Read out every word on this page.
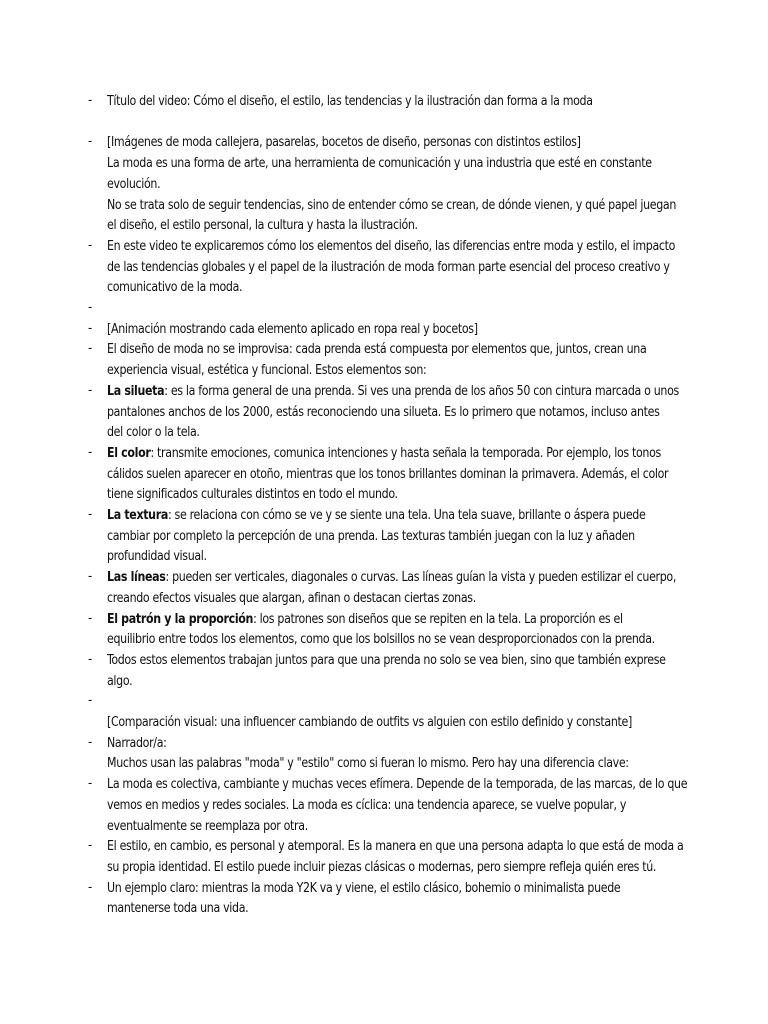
-	Título del video: Cómo el diseño, el estilo, las tendencias y la ilustración dan forma a la moda
-	[Imágenes de moda callejera, pasarelas, bocetos de diseño, personas con distintos estilos]
La moda es una forma de arte, una herramienta de comunicación y una industria que esté en constante
evolución.
No se trata solo de seguir tendencias, sino de entender cómo se crean, de dónde vienen, y qué papel juegan
el diseño, el estilo personal, la cultura y hasta la ilustración.
-	En este video te explicaremos cómo los elementos del diseño, las diferencias entre moda y estilo, el impacto
de las tendencias globales y el papel de la ilustración de moda forman parte esencial del proceso creativo y
comunicativo de la moda.
-
-	[Animación mostrando cada elemento aplicado en ropa real y bocetos]
-	El diseño de moda no se improvisa: cada prenda está compuesta por elementos que, juntos, crean una
experiencia visual, estética y funcional. Estos elementos son:
-	La silueta: es la forma general de una prenda. Si ves una prenda de los años 50 con cintura marcada o unos
pantalones anchos de los 2000, estás reconociendo una silueta. Es lo primero que notamos, incluso antes
del color o la tela.
-	El color: transmite emociones, comunica intenciones y hasta señala la temporada. Por ejemplo, los tonos
cálidos suelen aparecer en otoño, mientras que los tonos brillantes dominan la primavera. Además, el color
tiene significados culturales distintos en todo el mundo.
-	La textura: se relaciona con cómo se ve y se siente una tela. Una tela suave, brillante o áspera puede
cambiar por completo la percepción de una prenda. Las texturas también juegan con la luz y añaden
profundidad visual.
-	Las líneas: pueden ser verticales, diagonales o curvas. Las líneas guían la vista y pueden estilizar el cuerpo,
creando efectos visuales que alargan, afinan o destacan ciertas zonas.
-	El patrón y la proporción: los patrones son diseños que se repiten en la tela. La proporción es el
equilibrio entre todos los elementos, como que los bolsillos no se vean desproporcionados con la prenda.
-	Todos estos elementos trabajan juntos para que una prenda no solo se vea bien, sino que también exprese
algo.
-
[Comparación visual: una influencer cambiando de outfits vs alguien con estilo definido y constante]
-	Narrador/a:
Muchos usan las palabras "moda" y "estilo" como si fueran lo mismo. Pero hay una diferencia clave:
-	La moda es colectiva, cambiante y muchas veces efímera. Depende de la temporada, de las marcas, de lo que
vemos en medios y redes sociales. La moda es cíclica: una tendencia aparece, se vuelve popular, y
eventualmente se reemplaza por otra.
-	El estilo, en cambio, es personal y atemporal. Es la manera en que una persona adapta lo que está de moda a
su propia identidad. El estilo puede incluir piezas clásicas o modernas, pero siempre refleja quién eres tú.
-	Un ejemplo claro: mientras la moda Y2K va y viene, el estilo clásico, bohemio o minimalista puede
mantenerse toda una vida.
